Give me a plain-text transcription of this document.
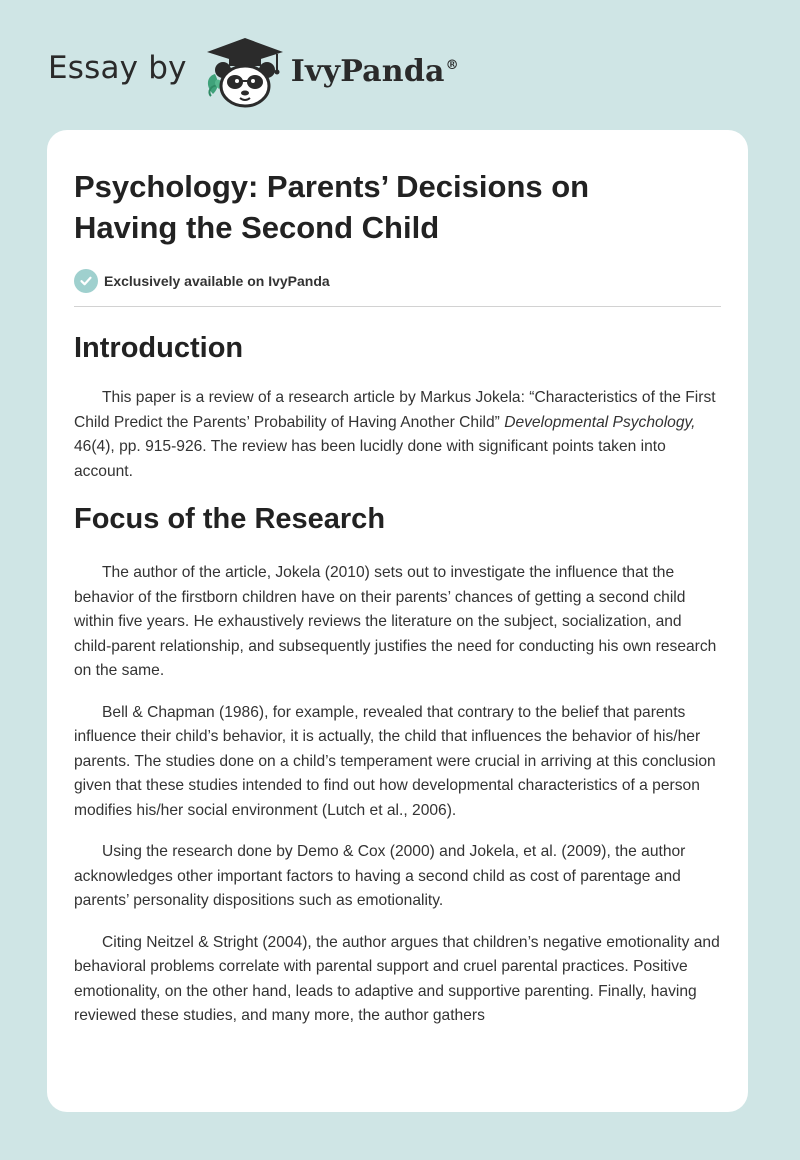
Essay by	IvyPanda®
Psychology: Parents’ Decisions on
Having the Second Child
Exclusively available on IvyPanda
Introduction

This paper is a review of a research article by Markus Jokela: “Characteristics of the First Child Predict the Parents’ Probability of Having Another Child” Developmental Psychology, 46(4), pp. 915-926. The review has been lucidly done with significant points taken into account.

Focus of the Research

The author of the article, Jokela (2010) sets out to investigate the influence that the behavior of the firstborn children have on their parents’ chances of getting a second child within five years. He exhaustively reviews the literature on the subject, socialization, and child-parent relationship, and subsequently justifies the need for conducting his own research on the same.

Bell & Chapman (1986), for example, revealed that contrary to the belief that parents influence their child’s behavior, it is actually, the child that influences the behavior of his/her parents. The studies done on a child’s temperament were crucial in arriving at this conclusion given that these studies intended to find out how developmental characteristics of a person modifies his/her social environment (Lutch et al., 2006).

Using the research done by Demo & Cox (2000) and Jokela, et al. (2009), the author acknowledges other important factors to having a second child as cost of parentage and parents’ personality dispositions such as emotionality.

Citing Neitzel & Stright (2004), the author argues that children’s negative emotionality and behavioral problems correlate with parental support and cruel parental practices. Positive emotionality, on the other hand, leads to adaptive and supportive parenting. Finally, having reviewed these studies, and many more, the author gathers
